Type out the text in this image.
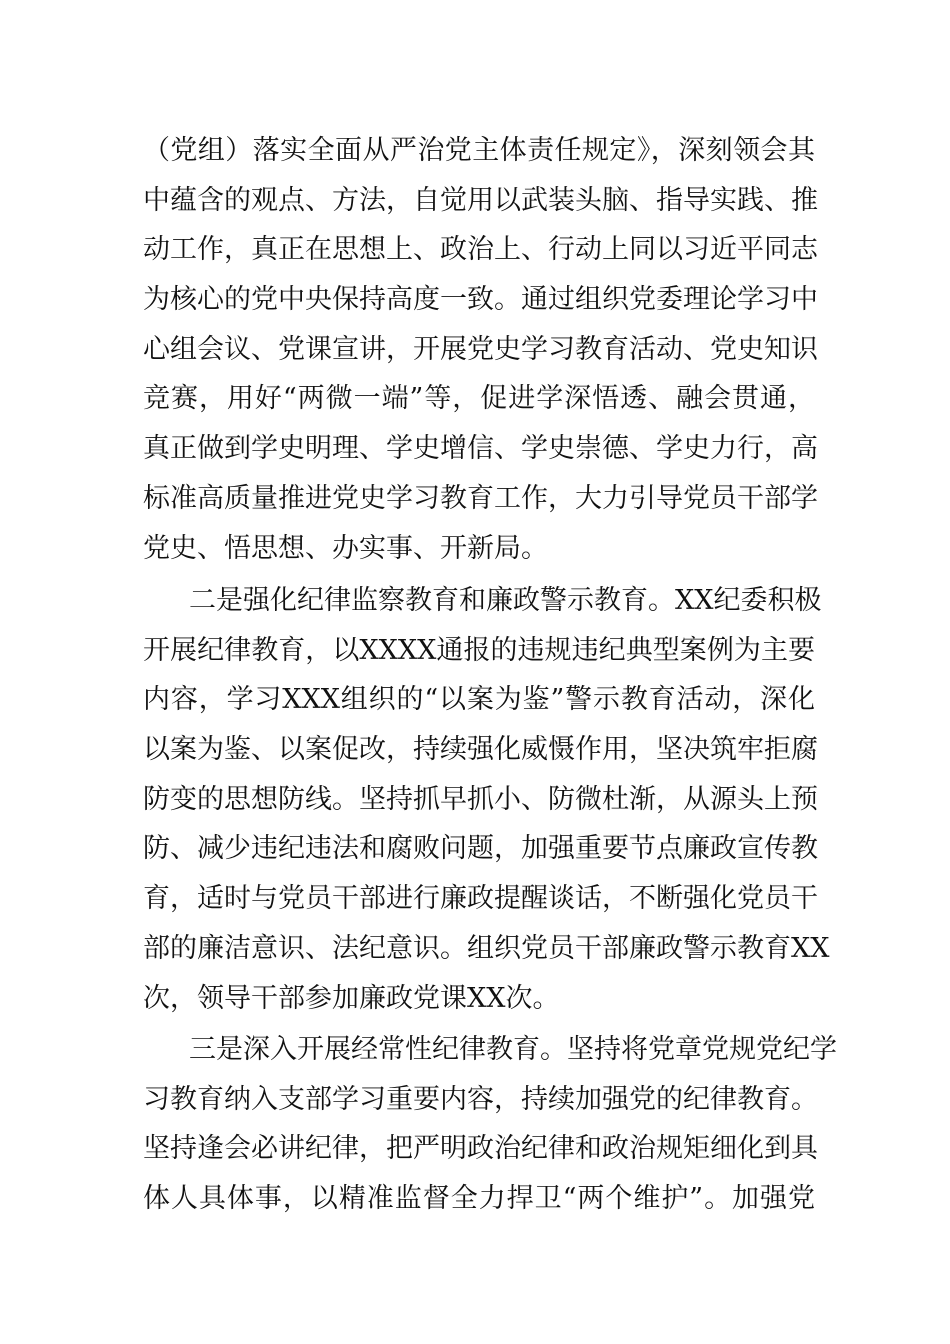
（党组）落实全面从严治党主体责任规定》，深刻领会其
中蕴含的观点、方法，自觉用以武装头脑、指导实践、推
动工作，真正在思想上、政治上、行动上同以习近平同志
为核心的党中央保持高度一致。通过组织党委理论学习中
心组会议、党课宣讲，开展党史学习教育活动、党史知识
竞赛，用好“两微一端”等，促进学深悟透、融会贯通，
真正做到学史明理、学史增信、学史崇德、学史力行，高
标准高质量推进党史学习教育工作，大力引导党员干部学
党史、悟思想、办实事、开新局。
二是强化纪律监察教育和廉政警示教育。XX纪委积极
开展纪律教育，以XXXX通报的违规违纪典型案例为主要
内容，学习XXX组织的“以案为鉴”警示教育活动，深化
以案为鉴、以案促改，持续强化威慑作用，坚决筑牢拒腐
防变的思想防线。坚持抓早抓小、防微杜渐，从源头上预
防、减少违纪违法和腐败问题，加强重要节点廉政宣传教
育，适时与党员干部进行廉政提醒谈话，不断强化党员干
部的廉洁意识、法纪意识。组织党员干部廉政警示教育XX
次，领导干部参加廉政党课XX次。
三是深入开展经常性纪律教育。坚持将党章党规党纪学
习教育纳入支部学习重要内容，持续加强党的纪律教育。
坚持逢会必讲纪律，把严明政治纪律和政治规矩细化到具
体人具体事，以精准监督全力捍卫“两个维护”。加强党
